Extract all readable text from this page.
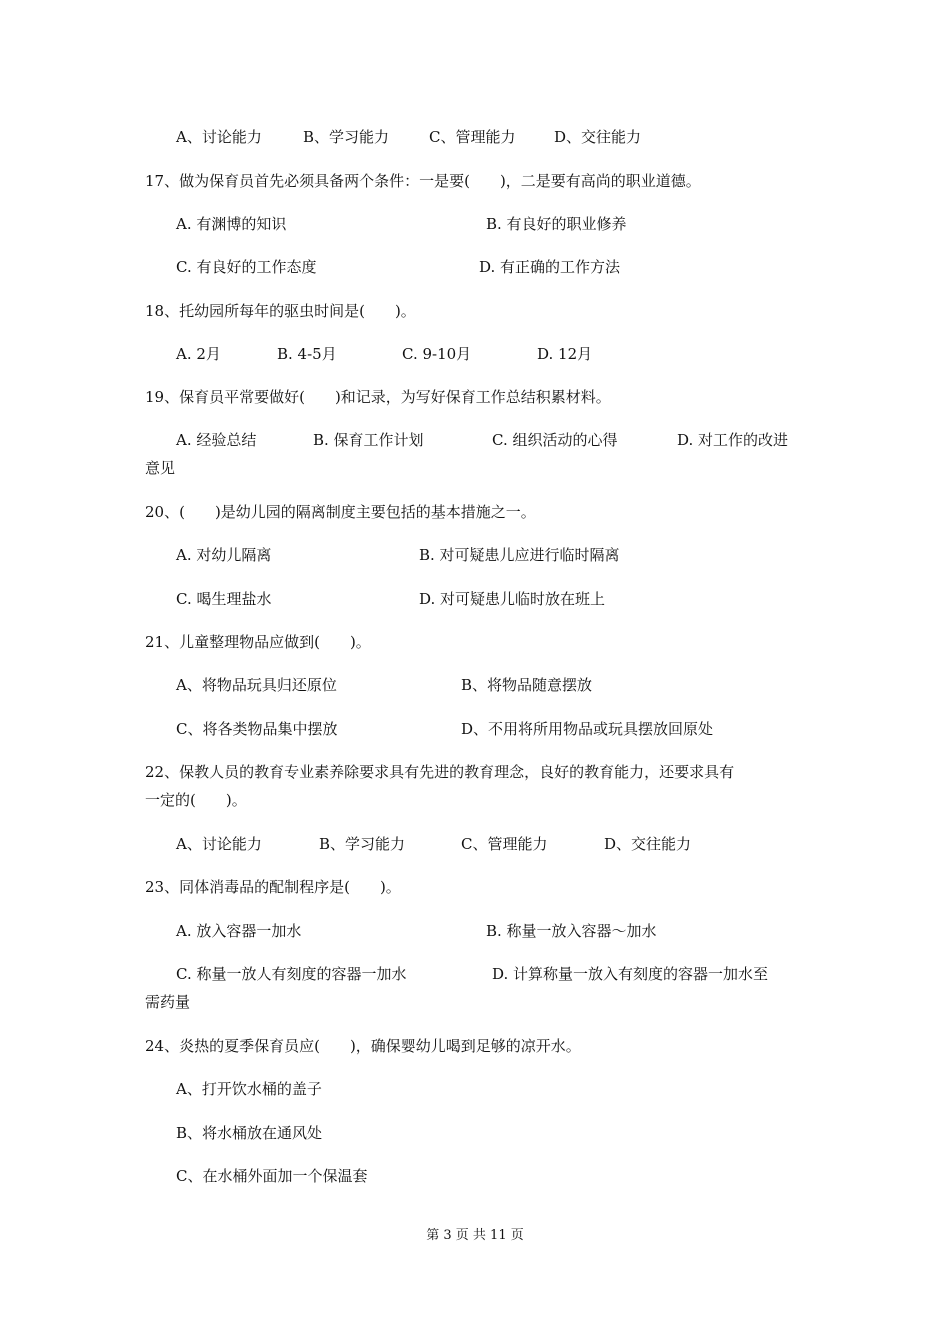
A、讨论能力	B、学习能力	C、管理能力	D、交往能力
17、做为保育员首先必须具备两个条件：一是要(　　)，二是要有高尚的职业道德。
A. 有渊博的知识	B. 有良好的职业修养
C. 有良好的工作态度	D. 有正确的工作方法
18、托幼园所每年的驱虫时间是(　　)。
A. 2月	B. 4-5月	C. 9-10月	D. 12月
19、保育员平常要做好(　　)和记录，为写好保育工作总结积累材料。
A. 经验总结	B. 保育工作计划	C. 组织活动的心得	D. 对工作的改进
意见
20、(　　)是幼儿园的隔离制度主要包括的基本措施之一。
A. 对幼儿隔离	B. 对可疑患儿应进行临时隔离
C. 喝生理盐水	D. 对可疑患儿临时放在班上
21、儿童整理物品应做到(　　)。
A、将物品玩具归还原位	B、将物品随意摆放
C、将各类物品集中摆放	D、不用将所用物品或玩具摆放回原处
22、保教人员的教育专业素养除要求具有先进的教育理念，良好的教育能力，还要求具有
一定的(　　)。
A、讨论能力	B、学习能力	C、管理能力	D、交往能力
23、同体消毒品的配制程序是(　　)。
A. 放入容器一加水	B. 称量一放入容器～加水
C. 称量一放人有刻度的容器一加水	D. 计算称量一放入有刻度的容器一加水至
需药量
24、炎热的夏季保育员应(　　)，确保婴幼儿喝到足够的凉开水。
A、打开饮水桶的盖子
B、将水桶放在通风处
C、在水桶外面加一个保温套
第 3 页 共 11 页
